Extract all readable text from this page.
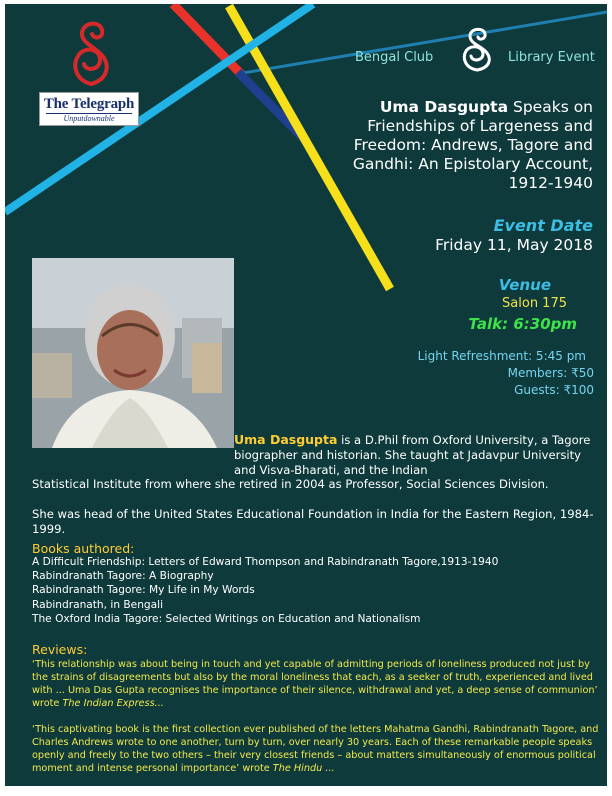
The Telegraph
Unputdownable
Bengal Club	Library Event
Uma Dasgupta Speaks on Friendships of Largeness and Freedom: Andrews, Tagore and Gandhi: An Epistolary Account, 1912-1940
Event Date
Friday 11, May 2018
Venue
Salon 175
Talk: 6:30pm
Light Refreshment: 5:45 pm
Members: ₹50
Guests: ₹100
Uma Dasgupta is a D.Phil from Oxford University, a Tagore biographer and historian. She taught at Jadavpur University and Visva-Bharati, and the Indian
Statistical Institute from where she retired in 2004 as Professor, Social Sciences Division.
She was head of the United States Educational Foundation in India for the Eastern Region, 1984-1999.
Books authored:
A Difficult Friendship: Letters of Edward Thompson and Rabindranath Tagore,1913-1940
Rabindranath Tagore: A Biography
Rabindranath Tagore: My Life in My Words
Rabindranath, in Bengali
The Oxford India Tagore: Selected Writings on Education and Nationalism
Reviews:

‘This relationship was about being in touch and yet capable of admitting periods of loneliness produced not just by the strains of disagreements but also by the moral loneliness that each, as a seeker of truth, experienced and lived with ... Uma Das Gupta recognises the importance of their silence, withdrawal and yet, a deep sense of communion’ wrote The Indian Express...

‘This captivating book is the first collection ever published of the letters Mahatma Gandhi, Rabindranath Tagore, and Charles Andrews wrote to one another, turn by turn, over nearly 30 years. Each of these remarkable people speaks openly and freely to the two others – their very closest friends – about matters simultaneously of enormous political moment and intense personal importance’ wrote The Hindu ...
